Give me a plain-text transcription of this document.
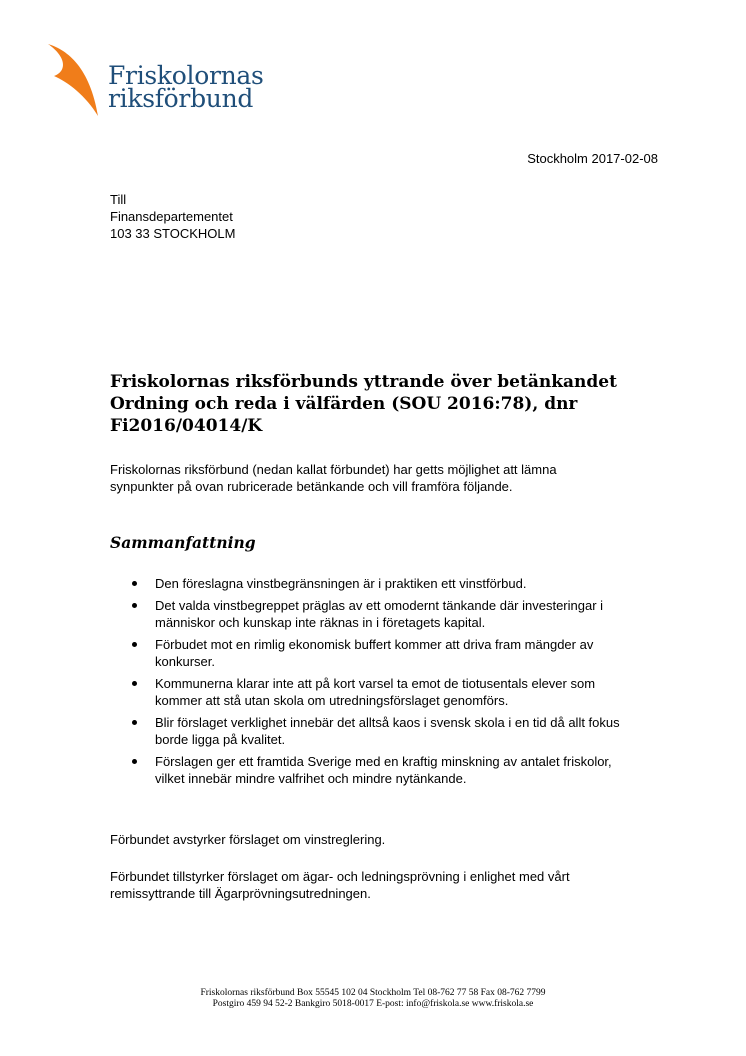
Friskolornas
riksförbund
Stockholm 2017-02-08
Till
Finansdepartementet
103 33 STOCKHOLM
Friskolornas riksförbunds yttrande över betänkandet
Ordning och reda i välfärden (SOU 2016:78), dnr
Fi2016/04014/K
Friskolornas riksförbund (nedan kallat förbundet) har getts möjlighet att lämna
synpunkter på ovan rubricerade betänkande och vill framföra följande.
Sammanfattning
Den föreslagna vinstbegränsningen är i praktiken ett vinstförbud.
Det valda vinstbegreppet präglas av ett omodernt tänkande där investeringar i
människor och kunskap inte räknas in i företagets kapital.
Förbudet mot en rimlig ekonomisk buffert kommer att driva fram mängder av
konkurser.
Kommunerna klarar inte att på kort varsel ta emot de tiotusentals elever som
kommer att stå utan skola om utredningsförslaget genomförs.
Blir förslaget verklighet innebär det alltså kaos i svensk skola i en tid då allt fokus
borde ligga på kvalitet.
Förslagen ger ett framtida Sverige med en kraftig minskning av antalet friskolor,
vilket innebär mindre valfrihet och mindre nytänkande.
Förbundet avstyrker förslaget om vinstreglering.
Förbundet tillstyrker förslaget om ägar- och ledningsprövning i enlighet med vårt
remissyttrande till Ägarprövningsutredningen.
Friskolornas riksförbund Box 55545 102 04 Stockholm Tel 08-762 77 58 Fax 08-762 7799
Postgiro 459 94 52-2 Bankgiro 5018-0017 E-post: info@friskola.se www.friskola.se
